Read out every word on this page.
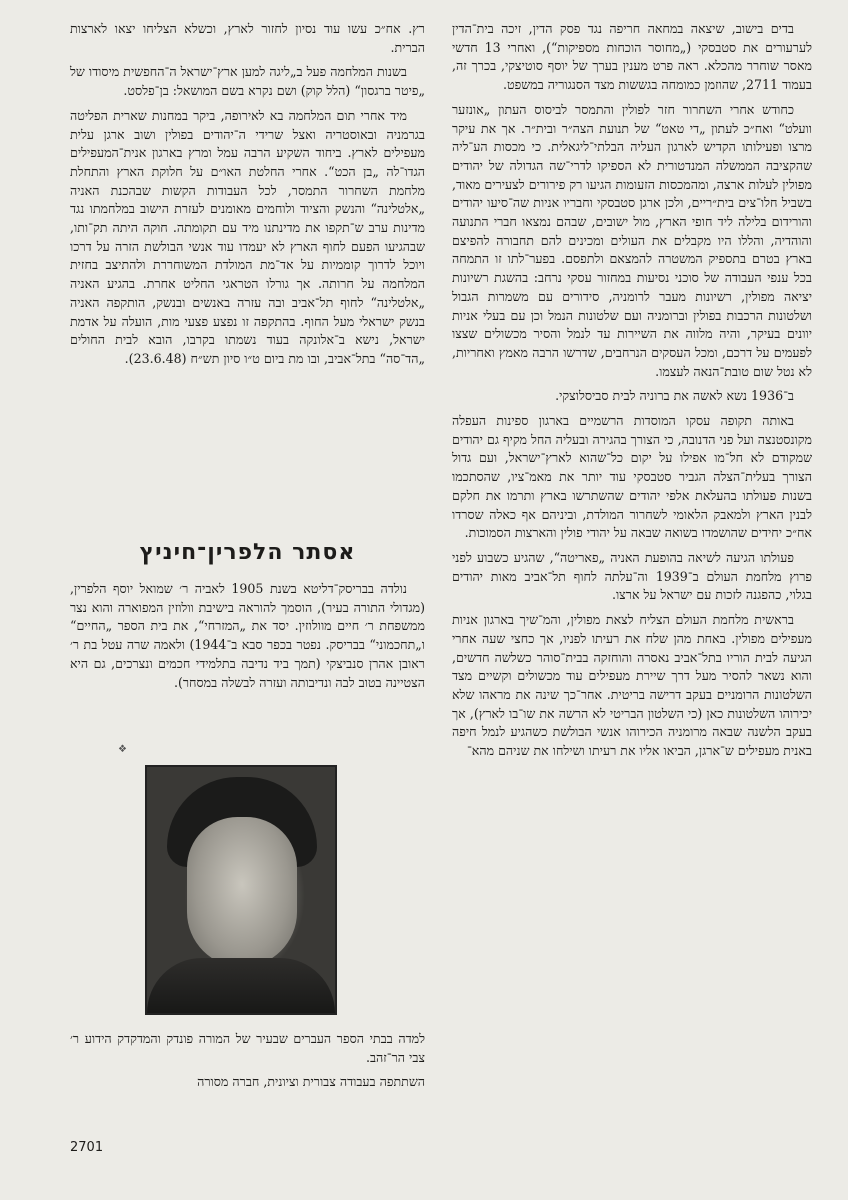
בדים בישוב, שיצאה במחאה חריפה נגד פסק הדין, זיכה בית־הדין לערעורים את סטבסקי („מחוסר הוכחות מספיקות“), ואחרי 13 חדשי מאסר שוחרר מהכלא. ראה פרט מענין בערך של יוסף סוטיצקי, בכרך זה, בעמוד 2711, שהוזמן כמומחה בגששות מצד הסנגוריה במשפט.

כחודש אחרי השחרור חזר לפולין והתמסר לביסוס העתון „אונזער וועלט“ ואח״כ לעתון „די טאט“ של תנועת הצה״ר ובית״ר. אך את עיקר מרצו ופעילותו הקדיש לארגון העליה הבלתי־ליגאלית. כי מכסות הע־ליה שהקציבה הממשלה המנדטורית לא הספיקו לדרי־שה הגדולה של יהודים מפולין לעלות ארצה, ומהמכסות הזעומות הגיעו רק פירורים לצעירים מאוד, בשביל חלו־צים בית״ריים, ולכן ארגן סטבסקי וחבריו אניות שה־סיעו יהודים והורידום בלילה ליד חופי הארץ, מול ישובים, שבהם נמצאו חברי התנועה והוהדיה, והללו היו מקבלים את העולים ומכינים להם תחבורה להפיצם בארץ בטרם בתספיק המשטרה להמצאם ולתפסם. בפער־לתו זו התמחה בכל ענפי העבודה של סוכני נסיעות במחזור עסקי נרחב: בהשגת רשיונות יציאה מפולין, רשיונות מעבר לרומניה, סידורים עם משמרות הגבול ושלטונות הרכבות בפולין וברומניה ועם שלטונות הנמל וכן עם בעלי אניות יוונים בעיקר, והיה מלווה את השיירות עד לנמל והסיר מכשולים שצצו לפעמים על דרכם, ומכל העסקים הנרחבים, שדרשו הרבה מאמץ ואחריות, לא נטל שום טובת־הנאה לעצמו.

ב־1936 נשא לאשה את ברוניה לבית סביסלוצקי.

באותה תקופה עסקו המוסדות הרשמיים בארגון ספינות העפלה מקונסטנצה ועל פני הדנובה, כי הצורך בהגירה ובעליה החל מקיף גם יהודים שמקודם לא חל־מו אפילו על יקום כל־שהוא לארץ־ישראל, ועם גדול הצורך בעלית־הצלה הגביר סטבסקי עוד יותר את מאמ־ציו, שהסתכמו בשנות פעולתו בהעלאת אלפי יהודים שהשתרשו בארץ ותרמו את חלקם לבנין הארץ ולמאבק הלאומי לשחרור המולדת, וביניהם אף כאלה שסרדו אח״כ יחידים שהושמדו בשואה שבאה על יהודי פולין והארצות הסמוכות.

פעולתו הגיעה לשיאה בהופעת האניה „פאריטה“, שהגיע כשבוע לפני פרוץ מלחמת העולם ב־1939 וה־עלתה לחוף תל־אביב מאות יהודים בגלוי, כהפגנה לזכות עם ישראל על ארצו.

בראשית מלחמת העולם הצליח לצאת מפולין, והמ־שיך בארגון אניות מעפילים מפולין. באחת מהן שלח את רעיתו לפניו, אך כחצי שעה אחרי הגיעה לבית הוריו בתל־אביב נאסרה והוחזקה בבית־סוהר כשלשה חדשים, והוא נשאר להסיר מעל דרך שיירת מעפילים עוד מכשולים וקשיים מצד השלטונות הרומניים בעקב דרישה בריטית. אחר־כך שינה את מראהו שלא יכירוהו השלטונות כאן (כי השלטון הבריטי לא הרשה את שו־בו לארץ), אך בעקב הלשנה שבאה מרומניה הכירוהו אנשי הבולשת כשהגיע לנמל חיפה באנית מעפילים ש־ארגן, הביאו אליו את רעיתו ושילחו את שניהם מהא־

רץ. אח״כ עשו עוד נסיון לחזור לארץ, וכשלא הצליחו יצאו לארצות הברית.

בשנות המלחמה פעל ב„ליגה למען ארץ־ישראל ה־החפשית מיסודו של „פיטר ברגסון“ (הלל קוק) ושם נקרא בשם המושאל: בן־פלסט.

מיד אחרי תום המלחמה בא לאירופה, ביקר במחנות שארית הפליטה בגרמניה ובאוסטריה ואצל שרידי ה־יהודים בפולין ושוב ארגן עלית מעפילים לארץ. ביחוד השקיע הרבה עמל ומרץ בארגון אנית־המעפילים הגדו־לה „בן הכט“. אחרי החלטת האו״ם על חלוקת הארץ והתחלת מלחמת השחרור התמסר, לכל העבודות הקשות שבהכנת האניה „אלטלינה“ והנשק והציוד ולוחמים מאומנים לעזרת הישוב במלחמתו נגד מדינות ערב ש־תקפו את מדינתנו מיד עם תקומתה. חוקה היתה תק־ותו, שבהגיעו הפעם לחוף הארץ לא יעמדו עוד אנשי הבולשת הזרה על דרכו ויוכל לדרוך קוממיות על אד־מת המולדת המשוחררת ולהתיצב בחזית המלחמה על חרותה. אך גורלו הטראגי החליט אחרת. בהגיע האניה „אלטלינה“ לחוף תל־אביב ובה עזרה באנשים ובנשק, הותקפה האניה בנשק ישראלי מעל החוף. בהתקפה זו נפצע פצעי מות, הועלה על אדמת ישראל, נישא ב־אלונקה בעוד נשמתו בקרבו, הובא לבית החולים „הד־סה“ בתל־אביב, ובו מת ביום ט״ו סיון תש״ח (23.6.48).

אסתר הלפרין־חיניץ

נולדה בבריסק־דליטא בשנת 1905 לאביה ר׳ שמואל יוסף הלפרין, (מגדולי התורה בעיר), הוסמך להוראה בישיבת וולוזין המפוארה והוא נצר ממשפחת ר׳ חיים מוולוזין. יסד את „המזרחי“, את בית הספר „החיים“ ו„תחכמוני“ בבריסק. נפטר בכפר סבא ב־1944) ולאמה שרה עטל בת ר׳ ראובן אהרן סנביצקי (תמך ביד נדיבה בתלמידי חכמים ונצרכים, גם היא הצטיינה בטוב לבה ונדיבותה ועזרה לבשלה במסחר).

❖

למדה בבתי הספר העברים שבעיר של המורה פונדק והמדקדק הידוע ר׳ צבי הר־זהב.

השתתפה בעבודה צבורית וציונית, חברה מסורה

2701
